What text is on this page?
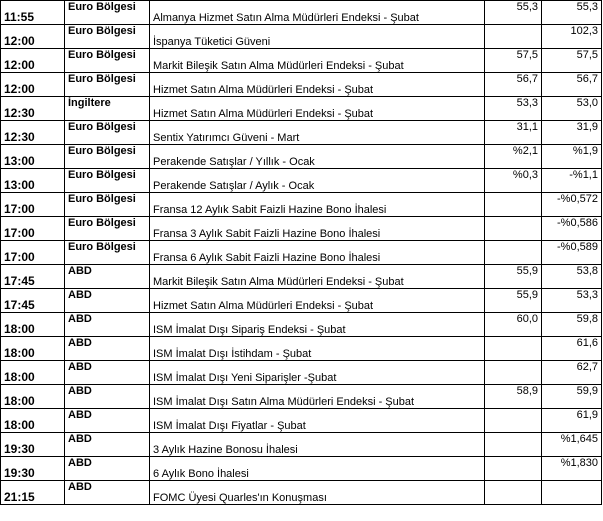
11:55	Euro Bölgesi	Almanya Hizmet Satın Alma Müdürleri Endeksi - Şubat	55,3	55,3
12:00	Euro Bölgesi	İspanya Tüketici Güveni		102,3
12:00	Euro Bölgesi	Markit Bileşik Satın Alma Müdürleri Endeksi - Şubat	57,5	57,5
12:00	Euro Bölgesi	Hizmet Satın Alma Müdürleri Endeksi - Şubat	56,7	56,7
12:30	İngiltere	Hizmet Satın Alma Müdürleri Endeksi - Şubat	53,3	53,0
12:30	Euro Bölgesi	Sentix Yatırımcı Güveni - Mart	31,1	31,9
13:00	Euro Bölgesi	Perakende Satışlar / Yıllık - Ocak	%2,1	%1,9
13:00	Euro Bölgesi	Perakende Satışlar / Aylık - Ocak	%0,3	-%1,1
17:00	Euro Bölgesi	Fransa 12 Aylık Sabit Faizli Hazine Bono İhalesi		-%0,572
17:00	Euro Bölgesi	Fransa 3 Aylık Sabit Faizli Hazine Bono İhalesi		-%0,586
17:00	Euro Bölgesi	Fransa 6 Aylık Sabit Faizli Hazine Bono İhalesi		-%0,589
17:45	ABD	Markit Bileşik Satın Alma Müdürleri Endeksi - Şubat	55,9	53,8
17:45	ABD	Hizmet Satın Alma Müdürleri Endeksi - Şubat	55,9	53,3
18:00	ABD	ISM İmalat Dışı Sipariş Endeksi - Şubat	60,0	59,8
18:00	ABD	ISM İmalat Dışı İstihdam - Şubat		61,6
18:00	ABD	ISM İmalat Dışı Yeni Siparişler -Şubat		62,7
18:00	ABD	ISM İmalat Dışı Satın Alma Müdürleri Endeksi - Şubat	58,9	59,9
18:00	ABD	ISM İmalat Dışı Fiyatlar - Şubat		61,9
19:30	ABD	3 Aylık Hazine Bonosu İhalesi		%1,645
19:30	ABD	6 Aylık Bono İhalesi		%1,830
21:15	ABD	FOMC Üyesi Quarles'ın Konuşması		
